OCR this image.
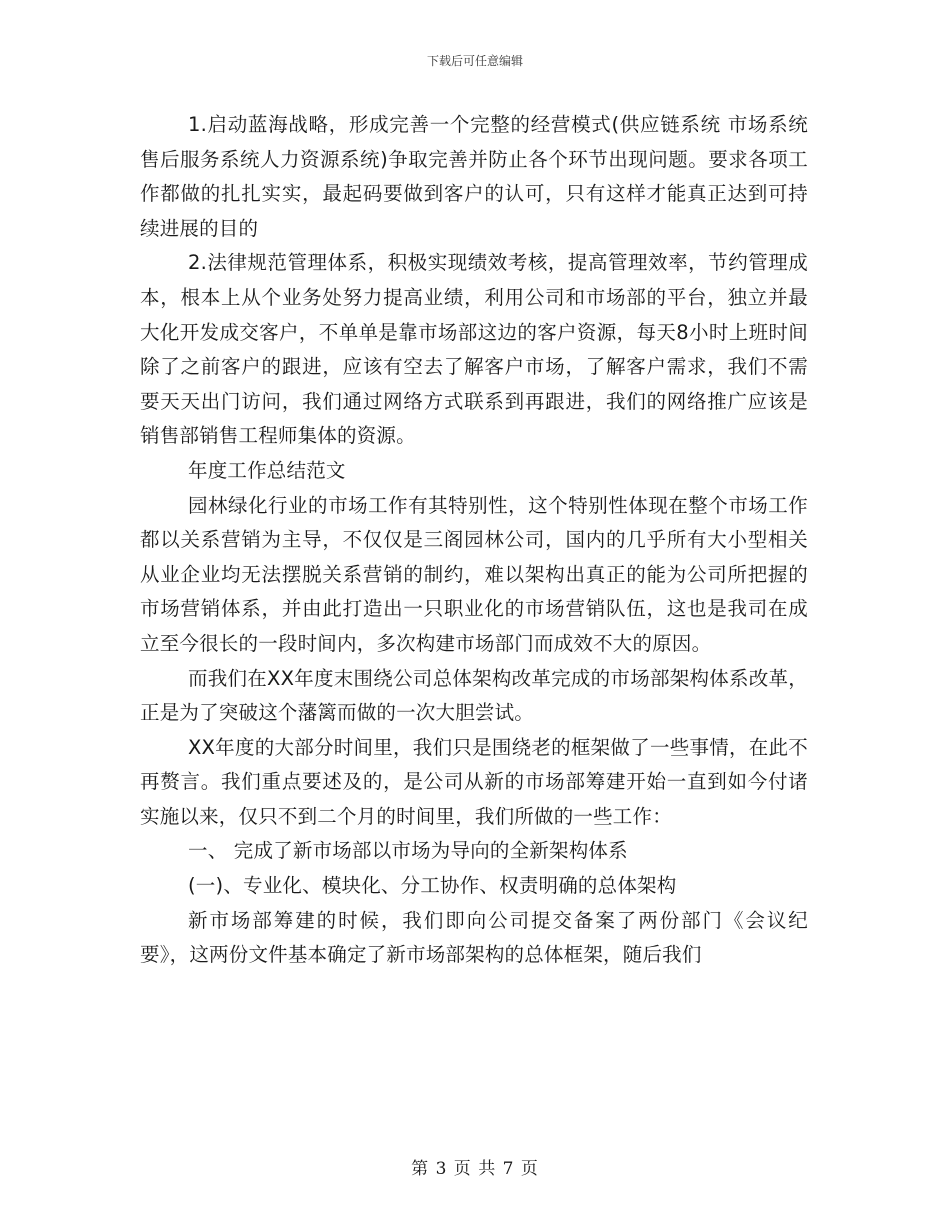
下载后可任意编辑

1.启动蓝海战略，形成完善一个完整的经营模式(供应链系统 市场系统 售后服务系统人力资源系统)争取完善并防止各个环节出现问题。要求各项工作都做的扎扎实实，最起码要做到客户的认可，只有这样才能真正达到可持续进展的目的

2.法律规范管理体系，积极实现绩效考核，提高管理效率，节约管理成本，根本上从个业务处努力提高业绩，利用公司和市场部的平台，独立并最大化开发成交客户，不单单是靠市场部这边的客户资源，每天8小时上班时间除了之前客户的跟进，应该有空去了解客户市场，了解客户需求，我们不需要天天出门访问，我们通过网络方式联系到再跟进，我们的网络推广应该是销售部销售工程师集体的资源。

年度工作总结范文

园林绿化行业的市场工作有其特别性，这个特别性体现在整个市场工作都以关系营销为主导，不仅仅是三阁园林公司，国内的几乎所有大小型相关从业企业均无法摆脱关系营销的制约，难以架构出真正的能为公司所把握的市场营销体系，并由此打造出一只职业化的市场营销队伍，这也是我司在成立至今很长的一段时间内，多次构建市场部门而成效不大的原因。

而我们在XX年度末围绕公司总体架构改革完成的市场部架构体系改革，正是为了突破这个藩篱而做的一次大胆尝试。

XX年度的大部分时间里，我们只是围绕老的框架做了一些事情，在此不再赘言。我们重点要述及的，是公司从新的市场部筹建开始一直到如今付诸实施以来，仅只不到二个月的时间里，我们所做的一些工作：

一、 完成了新市场部以市场为导向的全新架构体系

(一)、专业化、模块化、分工协作、权责明确的总体架构

新市场部筹建的时候，我们即向公司提交备案了两份部门《会议纪要》，这两份文件基本确定了新市场部架构的总体框架，随后我们

第 3 页 共 7 页
